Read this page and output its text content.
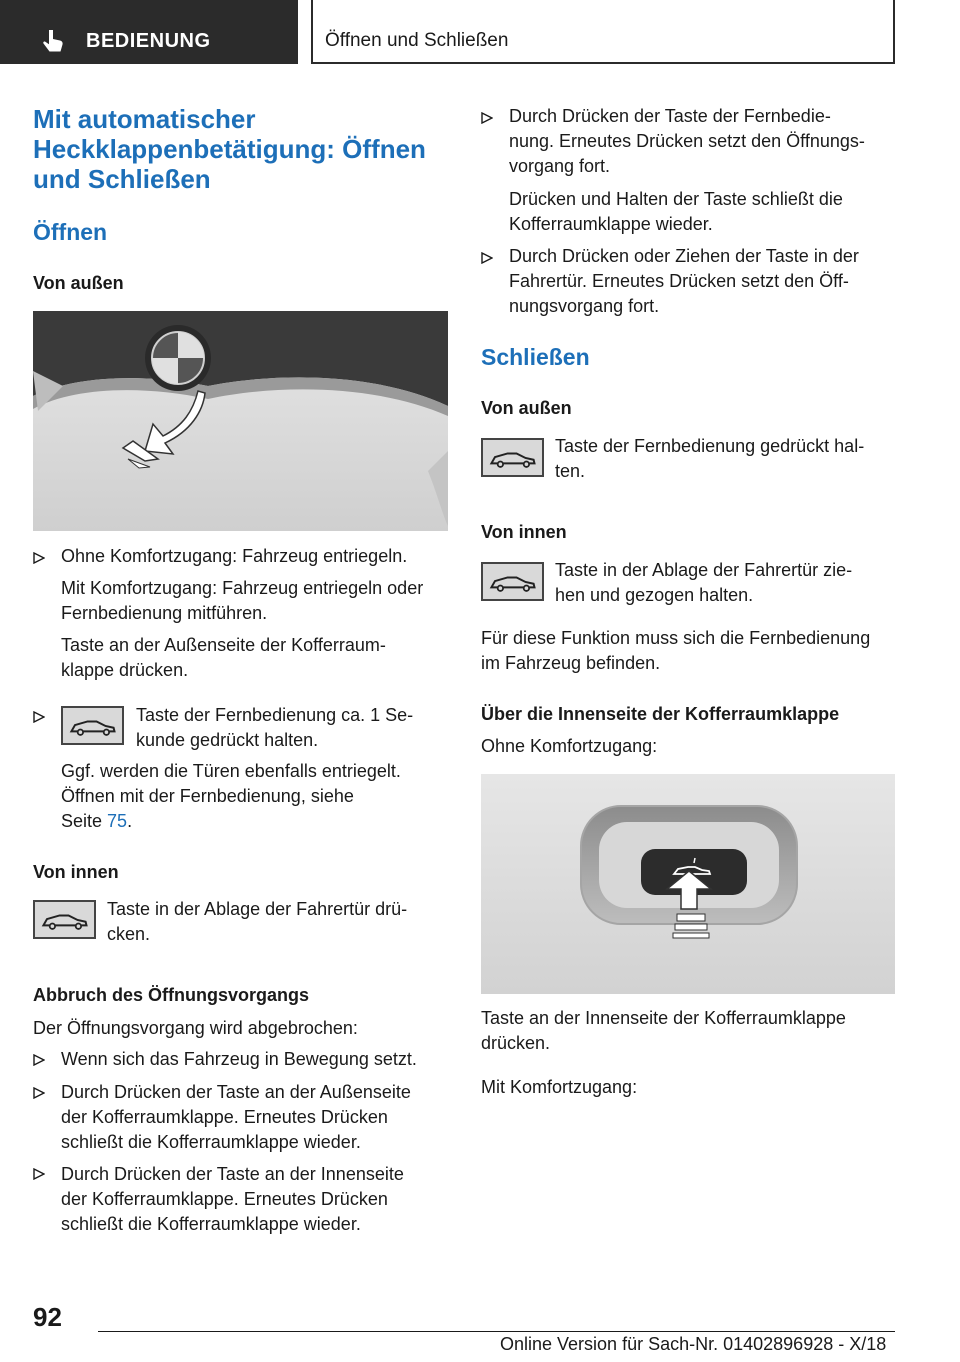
BEDIENUNG	Öffnen und Schließen
Mit automatischer
Heckklappenbetätigung: Öffnen
und Schließen
Öffnen
Von außen
Ohne Komfortzugang: Fahrzeug entriegeln.
Mit Komfortzugang: Fahrzeug entriegeln oder
Fernbedienung mitführen.
Taste an der Außenseite der Kofferraum-
klappe drücken.
Taste der Fernbedienung ca. 1 Se-
kunde gedrückt halten.
Ggf. werden die Türen ebenfalls entriegelt.
Öffnen mit der Fernbedienung, siehe
Seite 75.
Von innen
Taste in der Ablage der Fahrertür drü-
cken.
Abbruch des Öffnungsvorgangs
Der Öffnungsvorgang wird abgebrochen:
Wenn sich das Fahrzeug in Bewegung setzt.
Durch Drücken der Taste an der Außenseite
der Kofferraumklappe. Erneutes Drücken
schließt die Kofferraumklappe wieder.
Durch Drücken der Taste an der Innenseite
der Kofferraumklappe. Erneutes Drücken
schließt die Kofferraumklappe wieder.
Durch Drücken der Taste der Fernbedie-
nung. Erneutes Drücken setzt den Öffnungs-
vorgang fort.
Drücken und Halten der Taste schließt die
Kofferraumklappe wieder.
Durch Drücken oder Ziehen der Taste in der
Fahrertür. Erneutes Drücken setzt den Öff-
nungsvorgang fort.
Schließen
Von außen
Taste der Fernbedienung gedrückt hal-
ten.
Von innen
Taste in der Ablage der Fahrertür zie-
hen und gezogen halten.
Für diese Funktion muss sich die Fernbedienung
im Fahrzeug befinden.
Über die Innenseite der Kofferraumklappe
Ohne Komfortzugang:
Taste an der Innenseite der Kofferraumklappe
drücken.
Mit Komfortzugang:
92
Online Version für Sach-Nr. 01402896928 - X/18
